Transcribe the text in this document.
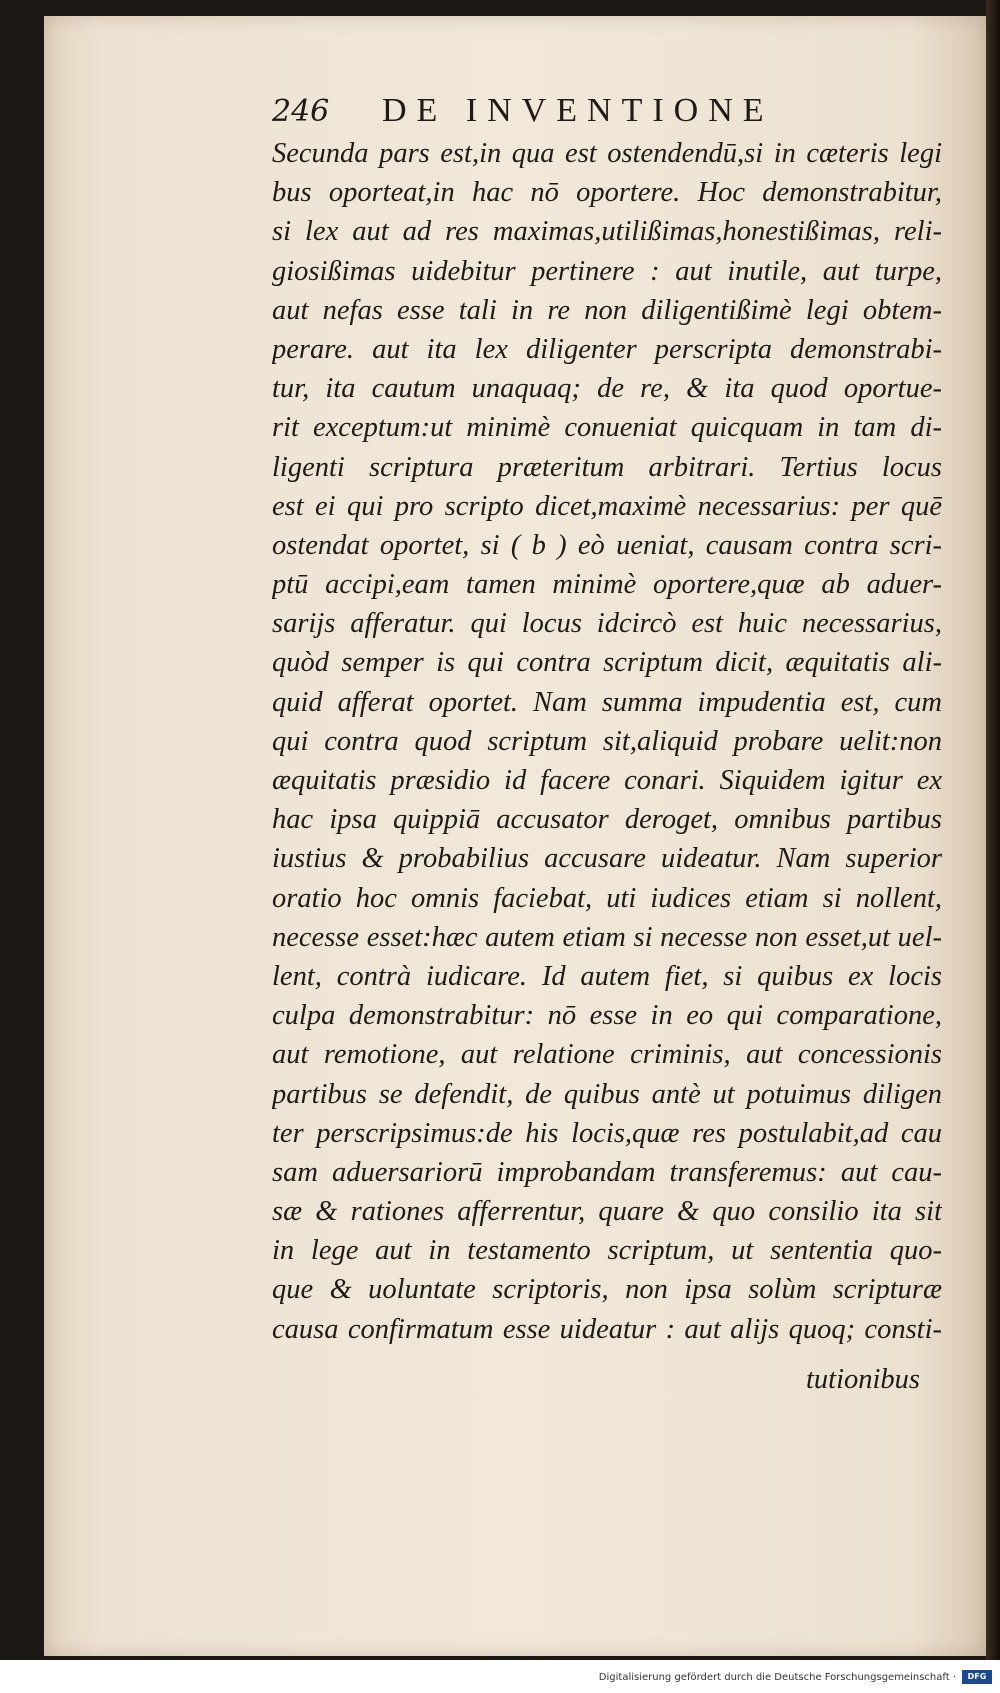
246	DE INVENTIONE
Secunda pars est,in qua est ostendendū,si in cæteris legi
bus oporteat,in hac nō oportere. Hoc demonstrabitur,
si lex aut ad res maximas,utilißimas,honestißimas, reli-
giosißimas uidebitur pertinere : aut inutile, aut turpe,
aut nefas esse tali in re non diligentißimè legi obtem-
perare. aut ita lex diligenter perscripta demonstrabi-
tur, ita cautum unaquaq; de re, & ita quod oportue-
rit exceptum:ut minimè conueniat quicquam in tam di-
ligenti scriptura præteritum arbitrari. Tertius locus
est ei qui pro scripto dicet,maximè necessarius: per quē
ostendat oportet, si ( b ) eò ueniat, causam contra scri-
ptū accipi,eam tamen minimè oportere,quæ ab aduer-
sarijs afferatur. qui locus idcircò est huic necessarius,
quòd semper is qui contra scriptum dicit, æquitatis ali-
quid afferat oportet. Nam summa impudentia est, cum
qui contra quod scriptum sit,aliquid probare uelit:non
æquitatis præsidio id facere conari. Siquidem igitur ex
hac ipsa quippiā accusator deroget, omnibus partibus
iustius & probabilius accusare uideatur. Nam superior
oratio hoc omnis faciebat, uti iudices etiam si nollent,
necesse esset:hæc autem etiam si necesse non esset,ut uel-
lent, contrà iudicare. Id autem fiet, si quibus ex locis
culpa demonstrabitur: nō esse in eo qui comparatione,
aut remotione, aut relatione criminis, aut concessionis
partibus se defendit, de quibus antè ut potuimus diligen
ter perscripsimus:de his locis,quæ res postulabit,ad cau
sam aduersariorū improbandam transferemus: aut cau-
sæ & rationes afferrentur, quare & quo consilio ita sit
in lege aut in testamento scriptum, ut sententia quo-
que & uoluntate scriptoris, non ipsa solùm scripturæ
causa confirmatum esse uideatur : aut alijs quoq; consti-
tutionibus
Digitalisierung gefördert durch die Deutsche Forschungsgemeinschaft ·	DFG
